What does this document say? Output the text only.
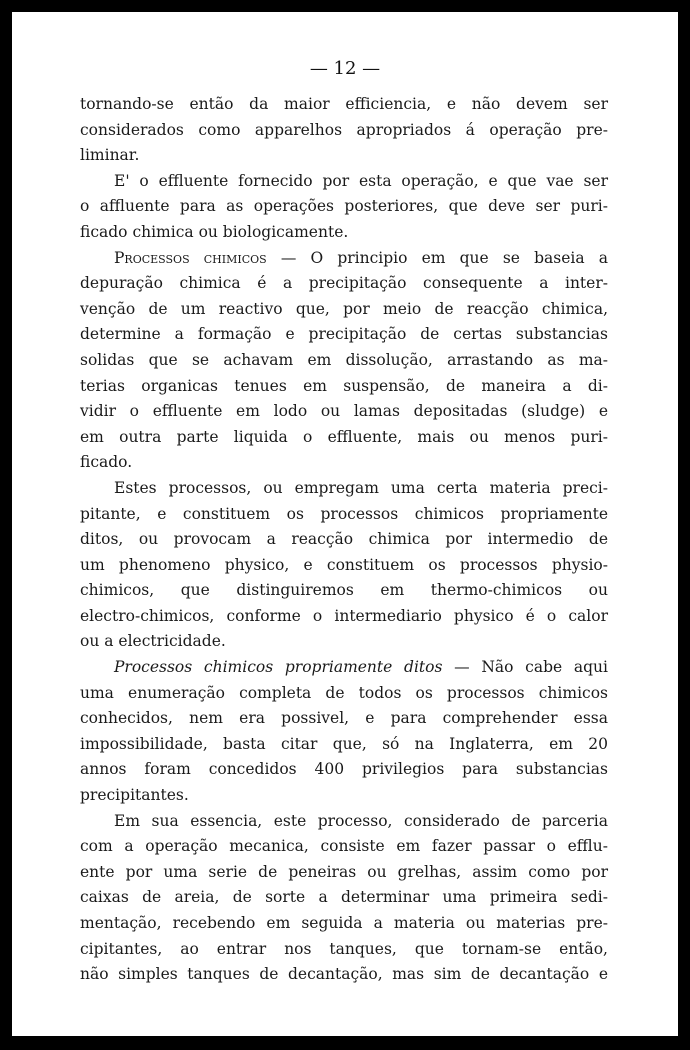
— 12 —

tornando-se então da maior efficiencia, e não devem ser
considerados como apparelhos apropriados á operação pre-
liminar.

E' o effluente fornecido por esta operação, e que vae ser
o affluente para as operações posteriores, que deve ser puri-
ficado chimica ou biologicamente.

Processos chimicos — O principio em que se baseia a
depuração chimica é a precipitação consequente a inter-
venção de um reactivo que, por meio de reacção chimica,
determine a formação e precipitação de certas substancias
solidas que se achavam em dissolução, arrastando as ma-
terias organicas tenues em suspensão, de maneira a di-
vidir o effluente em lodo ou lamas depositadas (sludge) e
em outra parte liquida o effluente, mais ou menos puri-
ficado.

Estes processos, ou empregam uma certa materia preci-
pitante, e constituem os processos chimicos propriamente
ditos, ou provocam a reacção chimica por intermedio de
um phenomeno physico, e constituem os processos physio-
chimicos, que distinguiremos em thermo-chimicos ou
electro-chimicos, conforme o intermediario physico é o calor
ou a electricidade.

Processos chimicos propriamente ditos — Não cabe aqui
uma enumeração completa de todos os processos chimicos
conhecidos, nem era possivel, e para comprehender essa
impossibilidade, basta citar que, só na Inglaterra, em 20
annos foram concedidos 400 privilegios para substancias
precipitantes.

Em sua essencia, este processo, considerado de parceria
com a operação mecanica, consiste em fazer passar o efflu-
ente por uma serie de peneiras ou grelhas, assim como por
caixas de areia, de sorte a determinar uma primeira sedi-
mentação, recebendo em seguida a materia ou materias pre-
cipitantes, ao entrar nos tanques, que tornam-se então,
não simples tanques de decantação, mas sim de decantação e
